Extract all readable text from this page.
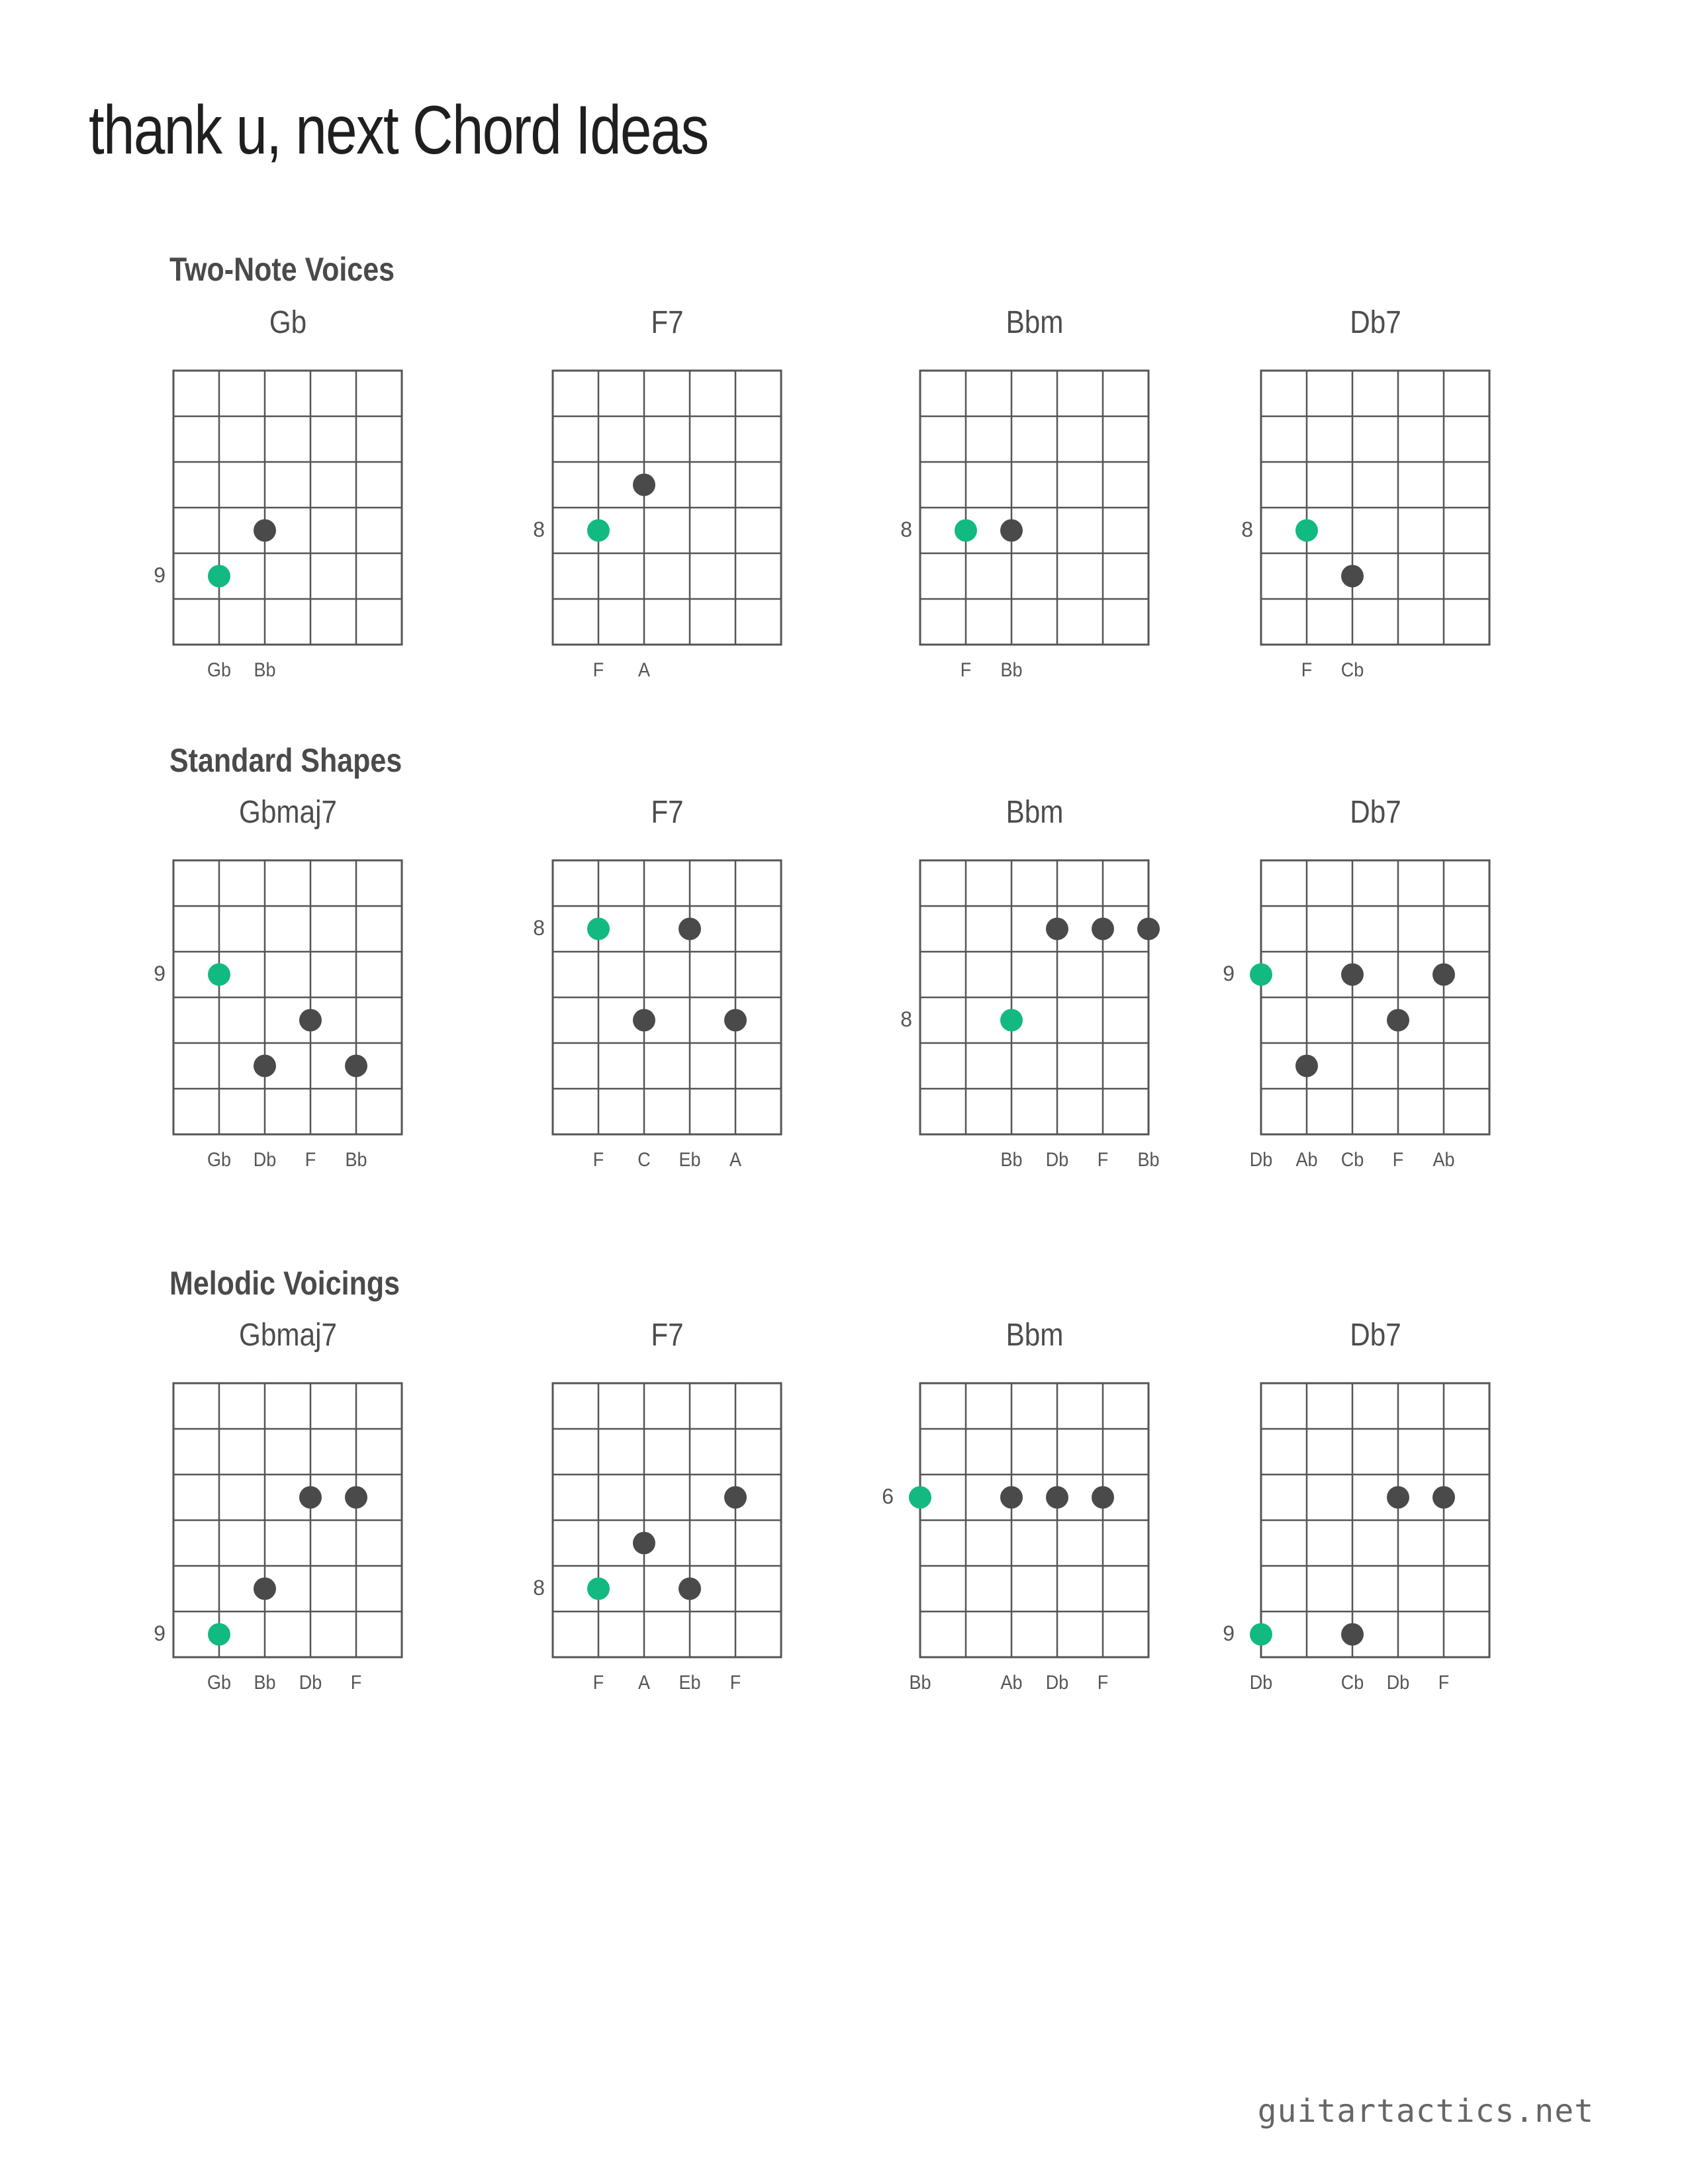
thank u, next Chord Ideas
Two-Note Voices
Standard Shapes
Melodic Voicings
Gb
9
Gb	Bb
F7
8
F	A
Bbm
8
F	Bb
Db7
8
F	Cb
Gbmaj7
9
Gb	Db	F	Bb
F7
8
F	C	Eb	A
Bbm
8
Bb	Db	F	Bb
Db7
9
Db	Ab	Cb	F	Ab
Gbmaj7
9
Gb	Bb	Db	F
F7
8
F	A	Eb	F
Bbm
6
Bb	Ab	Db	F
Db7
9
Db	Cb	Db	F
guitartactics.net
